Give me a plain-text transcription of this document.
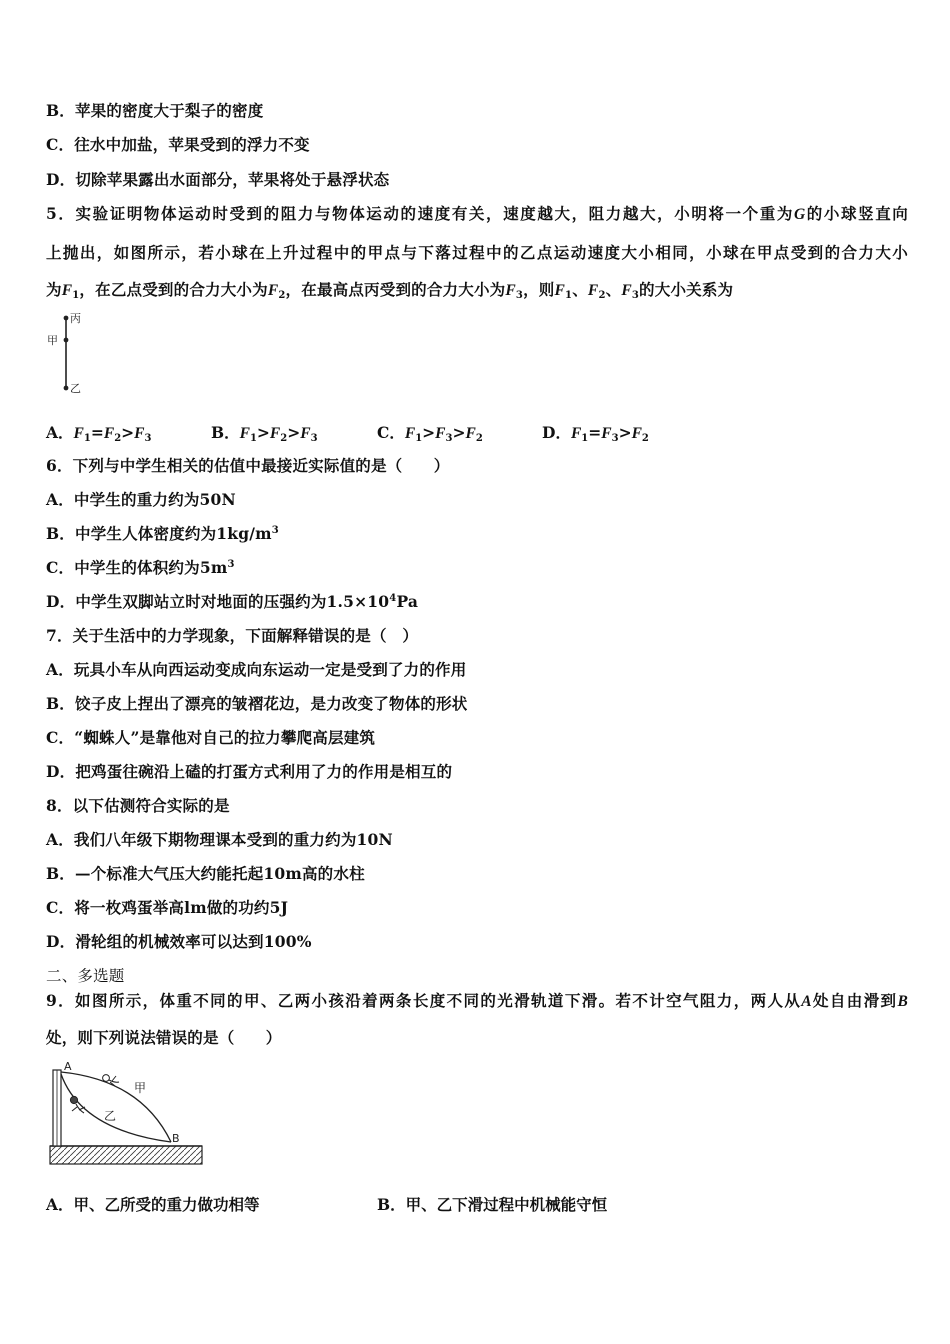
B．苹果的密度大于梨子的密度
C．往水中加盐，苹果受到的浮力不变
D．切除苹果露出水面部分，苹果将处于悬浮状态
5．实验证明物体运动时受到的阻力与物体运动的速度有关，速度越大，阻力越大，小明将一个重为G的小球竖直向
上抛出，如图所示，若小球在上升过程中的甲点与下落过程中的乙点运动速度大小相同，小球在甲点受到的合力大小
为$F_1$，在乙点受到的合力大小为$F_2$，在最高点丙受到的合力大小为$F_3$，则$F_1$、$F_2$、$F_3$的大小关系为
丙
甲
乙
A．$F_1=F_2>F_3$	B．$F_1>F_2>F_3$	C．$F_1>F_3>F_2$	D．$F_1=F_3>F_2$
6．下列与中学生相关的估值中最接近实际值的是（　　）
A．中学生的重力约为50N
B．中学生人体密度约为$1kg/m^3$
C．中学生的体积约为$5m^3$
D．中学生双脚站立时对地面的压强约为$1.5\times 10^4Pa$
7．关于生活中的力学现象，下面解释错误的是（　）
A．玩具小车从向西运动变成向东运动一定是受到了力的作用
B．饺子皮上捏出了漂亮的皱褶花边，是力改变了物体的形状
C．“蜘蛛人”是靠他对自己的拉力攀爬高层建筑
D．把鸡蛋往碗沿上磕的打蛋方式利用了力的作用是相互的
8．以下估测符合实际的是
A．我们八年级下期物理课本受到的重力约为10N
B．—个标准大气压大约能托起10m高的水柱
C．将一枚鸡蛋举高lm做的功约5J
D．滑轮组的机械效率可以达到100%
二、多选题
9．如图所示，体重不同的甲、乙两小孩沿着两条长度不同的光滑轨道下滑。若不计空气阻力，两人从A处自由滑到B
处，则下列说法错误的是（　　）
A
B
甲
乙
A．甲、乙所受的重力做功相等	B．甲、乙下滑过程中机械能守恒
